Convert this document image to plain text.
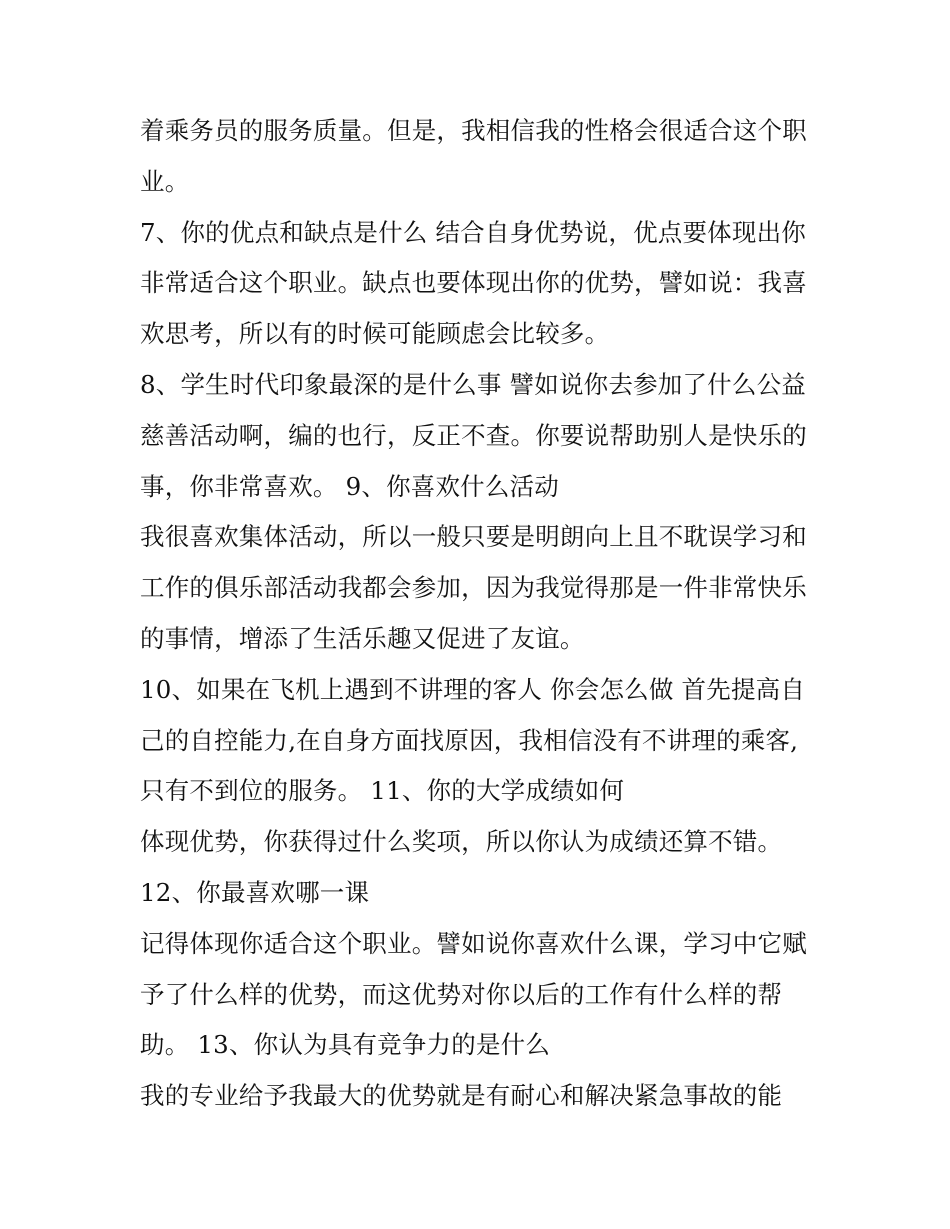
着乘务员的服务质量。但是，我相信我的性格会很适合这个职
业。
7、你的优点和缺点是什么 结合自身优势说，优点要体现出你
非常适合这个职业。缺点也要体现出你的优势，譬如说：我喜
欢思考，所以有的时候可能顾虑会比较多。
8、学生时代印象最深的是什么事 譬如说你去参加了什么公益
慈善活动啊，编的也行，反正不查。你要说帮助别人是快乐的
事，你非常喜欢。 9、你喜欢什么活动
我很喜欢集体活动，所以一般只要是明朗向上且不耽误学习和
工作的俱乐部活动我都会参加，因为我觉得那是一件非常快乐
的事情，增添了生活乐趣又促进了友谊。
10、如果在飞机上遇到不讲理的客人 你会怎么做 首先提高自
己的自控能力,在自身方面找原因，我相信没有不讲理的乘客,
只有不到位的服务。 11、你的大学成绩如何
体现优势，你获得过什么奖项，所以你认为成绩还算不错。
12、你最喜欢哪一课
记得体现你适合这个职业。譬如说你喜欢什么课，学习中它赋
予了什么样的优势，而这优势对你以后的工作有什么样的帮
助。 13、你认为具有竞争力的是什么
我的专业给予我最大的优势就是有耐心和解决紧急事故的能
